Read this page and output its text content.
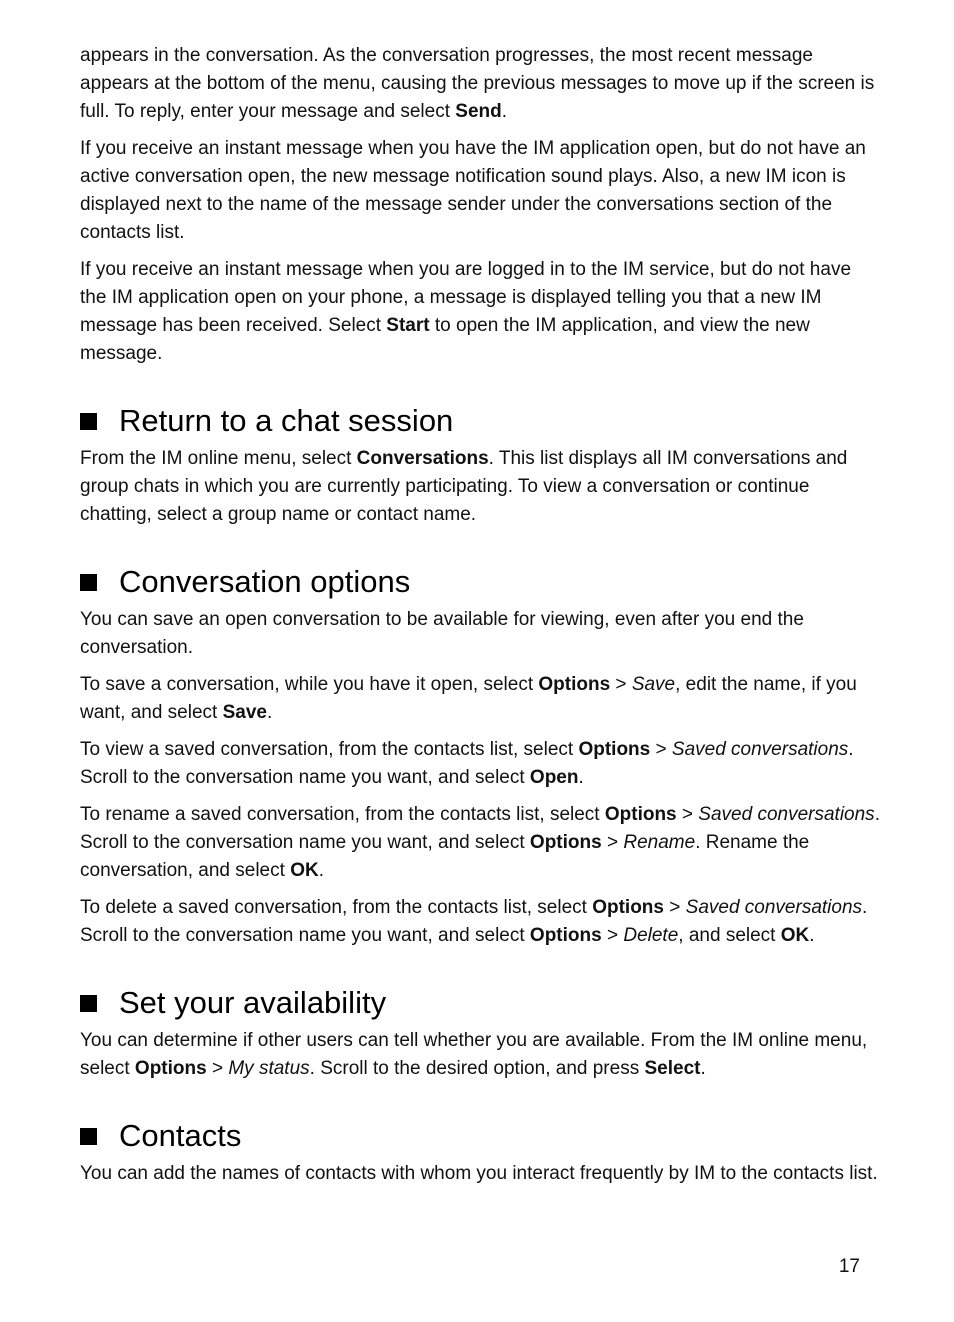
appears in the conversation. As the conversation progresses, the most recent message appears at the bottom of the menu, causing the previous messages to move up if the screen is full. To reply, enter your message and select Send.

If you receive an instant message when you have the IM application open, but do not have an active conversation open, the new message notification sound plays. Also, a new IM icon is displayed next to the name of the message sender under the conversations section of the contacts list.

If you receive an instant message when you are logged in to the IM service, but do not have the IM application open on your phone, a message is displayed telling you that a new IM message has been received. Select Start to open the IM application, and view the new message.

Return to a chat session

From the IM online menu, select Conversations. This list displays all IM conversations and group chats in which you are currently participating. To view a conversation or continue chatting, select a group name or contact name.

Conversation options

You can save an open conversation to be available for viewing, even after you end the conversation.

To save a conversation, while you have it open, select Options > Save, edit the name, if you want, and select Save.

To view a saved conversation, from the contacts list, select Options > Saved conversations. Scroll to the conversation name you want, and select Open.

To rename a saved conversation, from the contacts list, select Options > Saved conversations. Scroll to the conversation name you want, and select Options > Rename. Rename the conversation, and select OK.

To delete a saved conversation, from the contacts list, select Options > Saved conversations. Scroll to the conversation name you want, and select Options > Delete, and select OK.

Set your availability

You can determine if other users can tell whether you are available. From the IM online menu, select Options > My status. Scroll to the desired option, and press Select.

Contacts

You can add the names of contacts with whom you interact frequently by IM to the contacts list.

17
